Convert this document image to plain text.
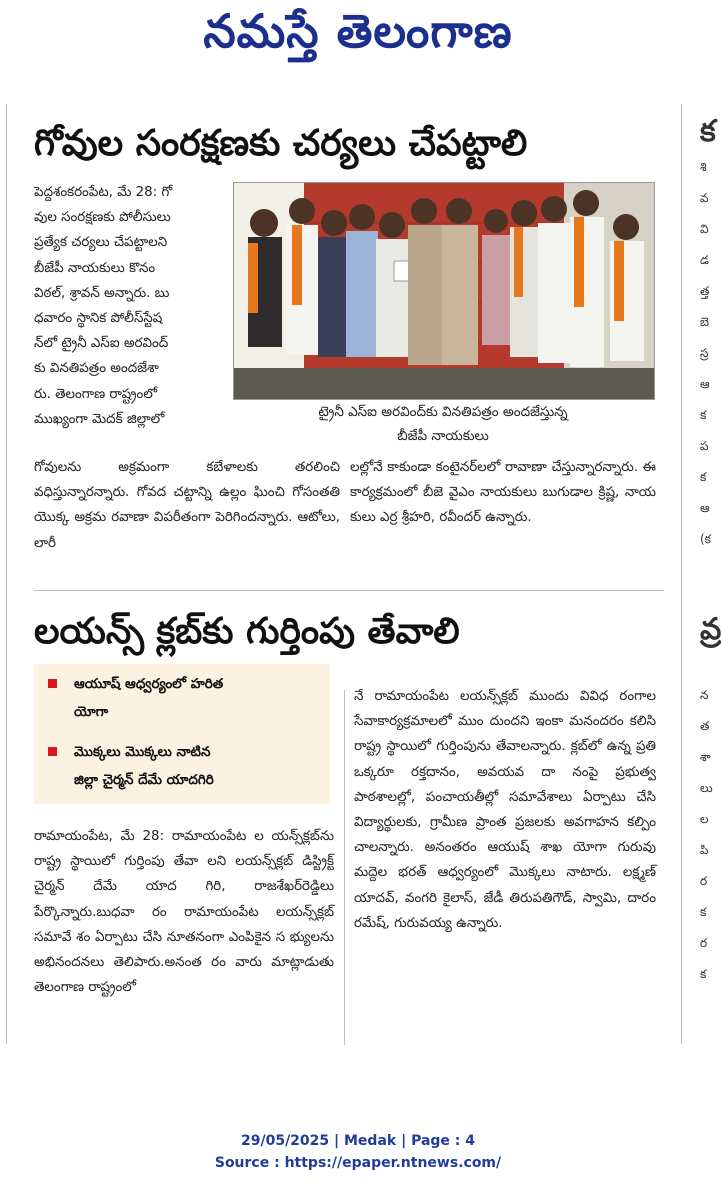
నమస్తే తెలంగాణ
గోవుల సంరక్షణకు చర్యలు చేపట్టాలి
పెద్దశంకరంపేట, మే 28: గో
వుల సంరక్షణకు పోలీసులు
ప్రత్యేక చర్యలు చేపట్టాలని
బీజేపీ నాయకులు కొనం
విఠల్, శ్రావన్ అన్నారు. బు
ధవారం స్థానిక పోలీస్‌స్టేష
న్‌లో ట్రైనీ ఎస్‌ఐ అరవింద్
కు వినతిపత్రం అందజేశా
రు. తెలంగాణ రాష్ట్రంలో
ముఖ్యంగా మెదక్ జిల్లాలో	ట్రైనీ ఎస్‌ఐ అరవింద్‌కు వినతిపత్రం అందజేస్తున్న
బీజేపీ నాయకులు

గోవులను అక్రమంగా కబేళాలకు తరలించి వధిస్తున్నారన్నారు. గోవద చట్టాన్ని ఉల్లం ఘించి గోసంతతి యొక్క అక్రమ రవాణా విపరీతంగా పెరిగిందన్నారు. ఆటోలు, లారీ

లల్లోనే కాకుండా కంటైనర్‌లలో రావాణా చేస్తున్నారన్నారు. ఈ కార్యక్రమంలో బీజె వైఎం నాయకులు బుగుడాల క్రిష్ణ, నాయ కులు ఎర్ర శ్రీహరి, రవీందర్ ఉన్నారు.

లయన్స్ క్లబ్‌కు గుర్తింపు తేవాలి
ఆయూష్ ఆధ్వర్యంలో హరిత
యోగా
మొక్కలు మొక్కలు నాటిన
జిల్లా చైర్మన్ దేమే యాదగిరి

రామాయంపేట, మే 28: రామాయంపేట ల యన్స్‌క్లబ్‌ను రాష్ట్ర స్థాయిలో గుర్తింపు తేవా లని లయన్స్‌క్లబ్ డిస్ట్రిక్ట్ చైర్మన్ దేమే యాద గిరి, రాజశేఖర్‌రెడ్డిలు పేర్కొన్నారు.బుధవా రం రామాయంపేట లయన్స్‌క్లబ్ సమావే శం ఏర్పాటు చేసి నూతనంగా ఎంపికైన స భ్యులను అభినందనలు తెలిపారు.అనంత రం వారు మాట్లాడుతు తెలంగాణ రాష్ట్రంలో

నే రామాయంపేట లయన్స్‌క్లబ్ ముందు వివిధ రంగాల సేవాకార్యక్రమాలలో ముం దుందని ఇంకా మనందరం కలిసి రాష్ట్ర స్థాయిలో గుర్తింపును తేవాలన్నారు. క్లబ్‌లో ఉన్న ప్రతి ఒక్కరూ రక్తదానం, అవయవ దా నంపై ప్రభుత్వ పాఠశాలల్లో, పంచాయతీల్లో సమావేశాలు ఏర్పాటు చేసి విద్యార్థులకు, గ్రామీణ ప్రాంత ప్రజలకు అవగాహన కల్పిం చాలన్నారు. అనంతరం ఆయుష్ శాఖ యోగా గురువు మద్దెల భరత్ ఆధ్వర్యంలో మొక్కలు నాటారు. లక్ష్మణ్ యాదవ్, వంగరి కైలాస్, జేడీ తిరుపతిగౌడ్, స్వామి, దారం రమేష్, గురువయ్య ఉన్నారు.

క
శి
వ
వి
డ
త్త
బె
స్ర
ఆ
క
ప
క
ఆ
(క
వ్ర
న
త
శా
లు
ల
పి
ర
క
ర
క
29/05/2025 | Medak | Page : 4
Source : https://epaper.ntnews.com/
